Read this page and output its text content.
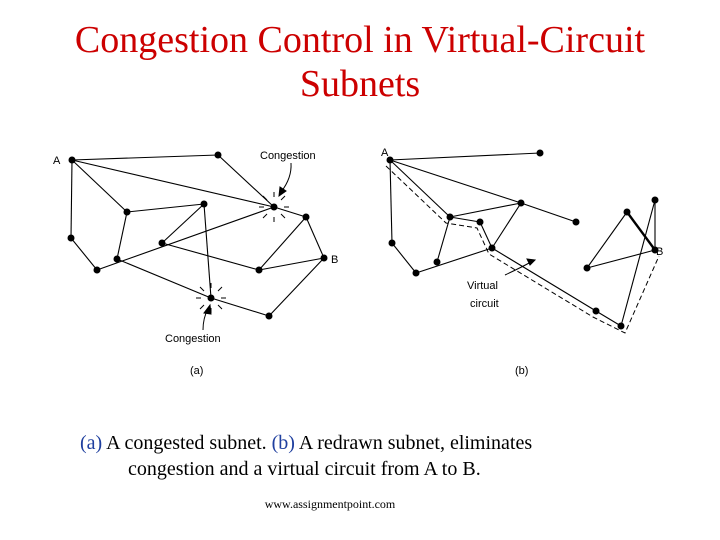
Congestion Control in Virtual-Circuit
Subnets
A
B
Congestion
Congestion
(a)
A
B
Virtual
circuit
(b)
(a) A congested subnet. (b) A redrawn subnet, eliminates
congestion and a virtual circuit from A to B.
www.assignmentpoint.com
